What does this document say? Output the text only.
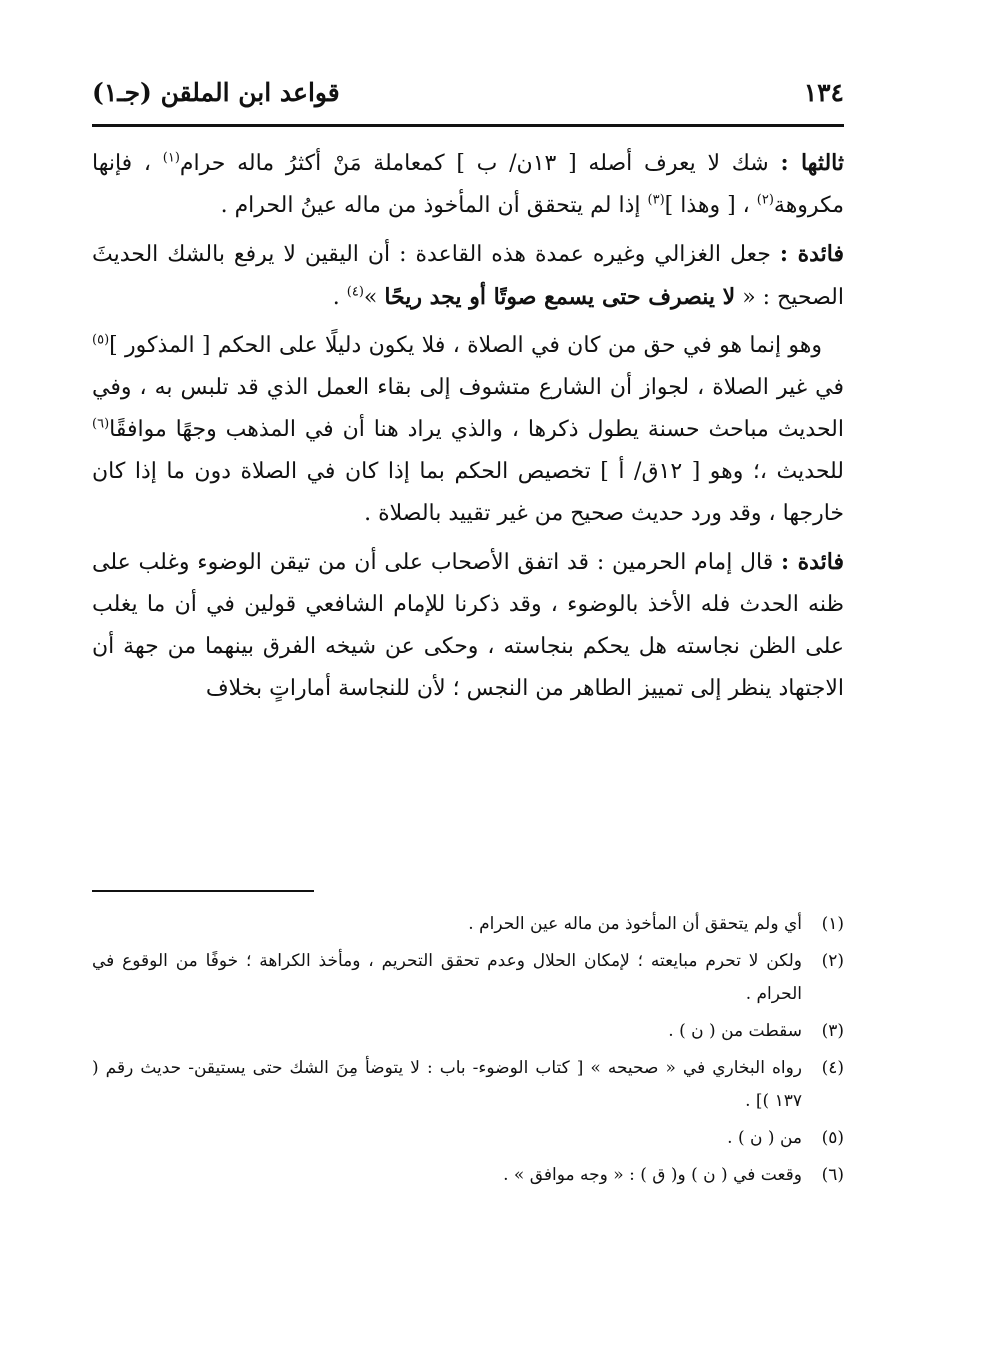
١٣٤
قواعد ابن الملقن (جـ١)

ثالثها : شك لا يعرف أصله [ ١٣ن/ ب ] كمعاملة مَنْ أكثرُ ماله حرام$^{(١)}$ ، فإنها مكروهة$^{(٢)}$ ، [ وهذا ]$^{(٣)}$ إذا لم يتحقق أن المأخوذ من ماله عينُ الحرام .

فائدة : جعل الغزالي وغيره عمدة هذه القاعدة : أن اليقين لا يرفع بالشك الحديثَ الصحيح : « لا ينصرف حتى يسمع صوتًا أو يجد ريحًا »$^{(٤)}$ .

وهو إنما هو في حق من كان في الصلاة ، فلا يكون دليلًا على الحكم [ المذكور ]$^{(٥)}$ في غير الصلاة ، لجواز أن الشارع متشوف إلى بقاء العمل الذي قد تلبس به ، وفي الحديث مباحث حسنة يطول ذكرها ، والذي يراد هنا أن في المذهب وجهًا موافقًا$^{(٦)}$ للحديث ،؛ وهو [ ١٢ق/ أ ] تخصيص الحكم بما إذا كان في الصلاة دون ما إذا كان خارجها ، وقد ورد حديث صحيح من غير تقييد بالصلاة .

فائدة : قال إمام الحرمين : قد اتفق الأصحاب على أن من تيقن الوضوء وغلب على ظنه الحدث فله الأخذ بالوضوء ، وقد ذكرنا للإمام الشافعي قولين في أن ما يغلب على الظن نجاسته هل يحكم بنجاسته ، وحكى عن شيخه الفرق بينهما من جهة أن الاجتهاد ينظر إلى تمييز الطاهر من النجس ؛ لأن للنجاسة أماراتٍ بخلاف

(١)
أي ولم يتحقق أن المأخوذ من ماله عين الحرام .
(٢)
ولكن لا تحرم مبايعته ؛ لإمكان الحلال وعدم تحقق التحريم ، ومأخذ الكراهة ؛ خوفًا من الوقوع في الحرام .
(٣)
سقطت من ( ن ) .
(٤)
رواه البخاري في « صحيحه » [ كتاب الوضوء- باب : لا يتوضأ مِنَ الشك حتى يستيقن- حديث رقم ( ١٣٧ )] .
(٥)
من ( ن ) .
(٦)
وقعت في ( ن ) و( ق ) : « وجه موافق » .
